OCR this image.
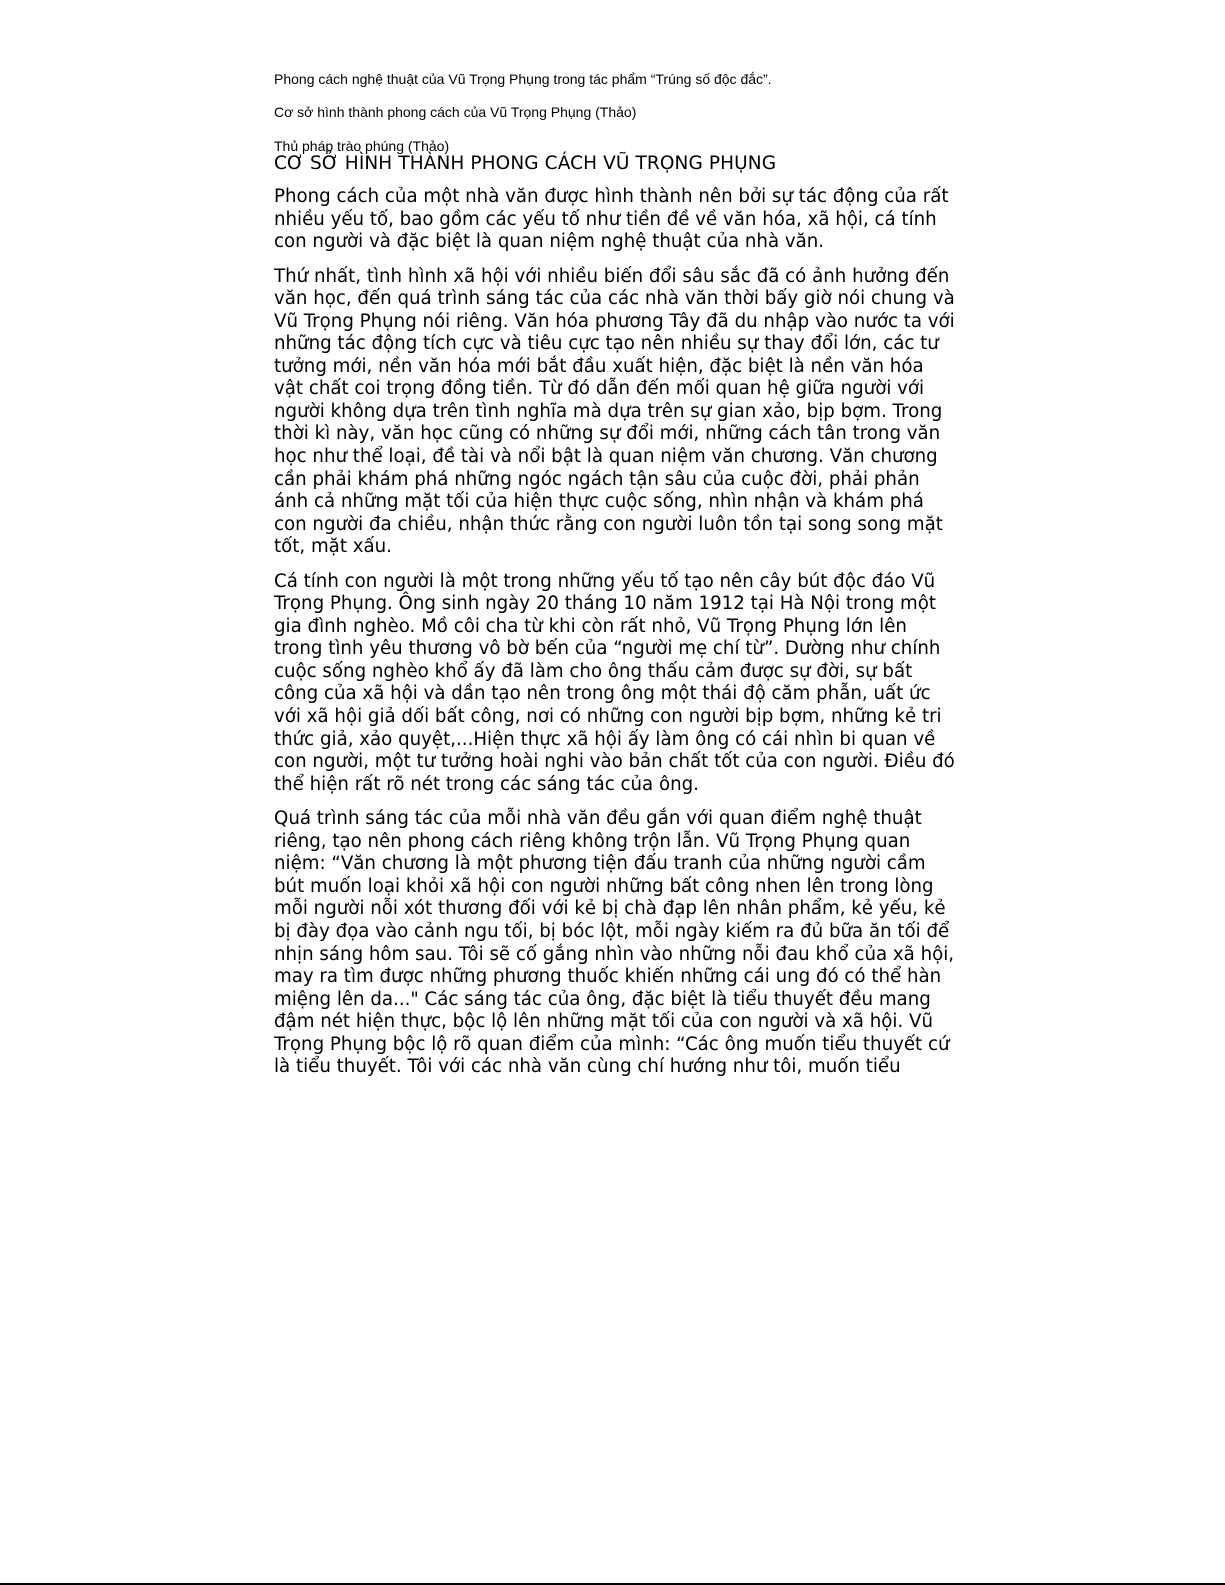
Phong cách nghệ thuật của Vũ Trọng Phụng trong tác phẩm “Trúng số độc đắc”.
Cơ sở hình thành phong cách của Vũ Trọng Phụng (Thảo)
Thủ pháp trào phúng (Thảo)
CƠ SỞ HÌNH THÀNH PHONG CÁCH VŨ TRỌNG PHỤNG

Phong cách của một nhà văn được hình thành nên bởi sự tác động của rất nhiều yếu tố, bao gồm các yếu tố như tiền đề về văn hóa, xã hội, cá tính con người và đặc biệt là quan niệm nghệ thuật của nhà văn.

Thứ nhất, tình hình xã hội với nhiều biến đổi sâu sắc đã có ảnh hưởng đến văn học, đến quá trình sáng tác của các nhà văn thời bấy giờ nói chung và Vũ Trọng Phụng nói riêng. Văn hóa phương Tây đã du nhập vào nước ta với những tác động tích cực và tiêu cực tạo nên nhiều sự thay đổi lớn, các tư tưởng mới, nền văn hóa mới bắt đầu xuất hiện, đặc biệt là nền văn hóa vật chất coi trọng đồng tiền. Từ đó dẫn đến mối quan hệ giữa người với người không dựa trên tình nghĩa mà dựa trên sự gian xảo, bịp bợm. Trong thời kì này, văn học cũng có những sự đổi mới, những cách tân trong văn học như thể loại, đề tài và nổi bật là quan niệm văn chương. Văn chương cần phải khám phá những ngóc ngách tận sâu của cuộc đời, phải phản ánh cả những mặt tối của hiện thực cuộc sống, nhìn nhận và khám phá con người đa chiều, nhận thức rằng con người luôn tồn tại song song mặt tốt, mặt xấu.

Cá tính con người là một trong những yếu tố tạo nên cây bút độc đáo Vũ Trọng Phụng. Ông sinh ngày 20 tháng 10 năm 1912 tại Hà Nội trong một gia đình nghèo. Mồ côi cha từ khi còn rất nhỏ, Vũ Trọng Phụng lớn lên trong tình yêu thương vô bờ bến của “người mẹ chí từ”. Dường như chính cuộc sống nghèo khổ ấy đã làm cho ông thấu cảm được sự đời, sự bất công của xã hội và dần tạo nên trong ông một thái độ căm phẫn, uất ức với xã hội giả dối bất công, nơi có những con người bịp bợm, những kẻ tri thức giả, xảo quyệt,...Hiện thực xã hội ấy làm ông có cái nhìn bi quan về con người, một tư tưởng hoài nghi vào bản chất tốt của con người. Điều đó thể hiện rất rõ nét trong các sáng tác của ông.

Quá trình sáng tác của mỗi nhà văn đều gắn với quan điểm nghệ thuật riêng, tạo nên phong cách riêng không trộn lẫn. Vũ Trọng Phụng quan niệm: “Văn chương là một phương tiện đấu tranh của những người cầm bút muốn loại khỏi xã hội con người những bất công nhen lên trong lòng mỗi người nỗi xót thương đối với kẻ bị chà đạp lên nhân phẩm, kẻ yếu, kẻ bị đày đọa vào cảnh ngu tối, bị bóc lột, mỗi ngày kiếm ra đủ bữa ăn tối để nhịn sáng hôm sau. Tôi sẽ cố gắng nhìn vào những nỗi đau khổ của xã hội, may ra tìm được những phương thuốc khiến những cái ung đó có thể hàn miệng lên da..." Các sáng tác của ông, đặc biệt là tiểu thuyết đều mang đậm nét hiện thực, bộc lộ lên những mặt tối của con người và xã hội. Vũ Trọng Phụng bộc lộ rõ quan điểm của mình: “Các ông muốn tiểu thuyết cứ là tiểu thuyết. Tôi với các nhà văn cùng chí hướng như tôi, muốn tiểu
